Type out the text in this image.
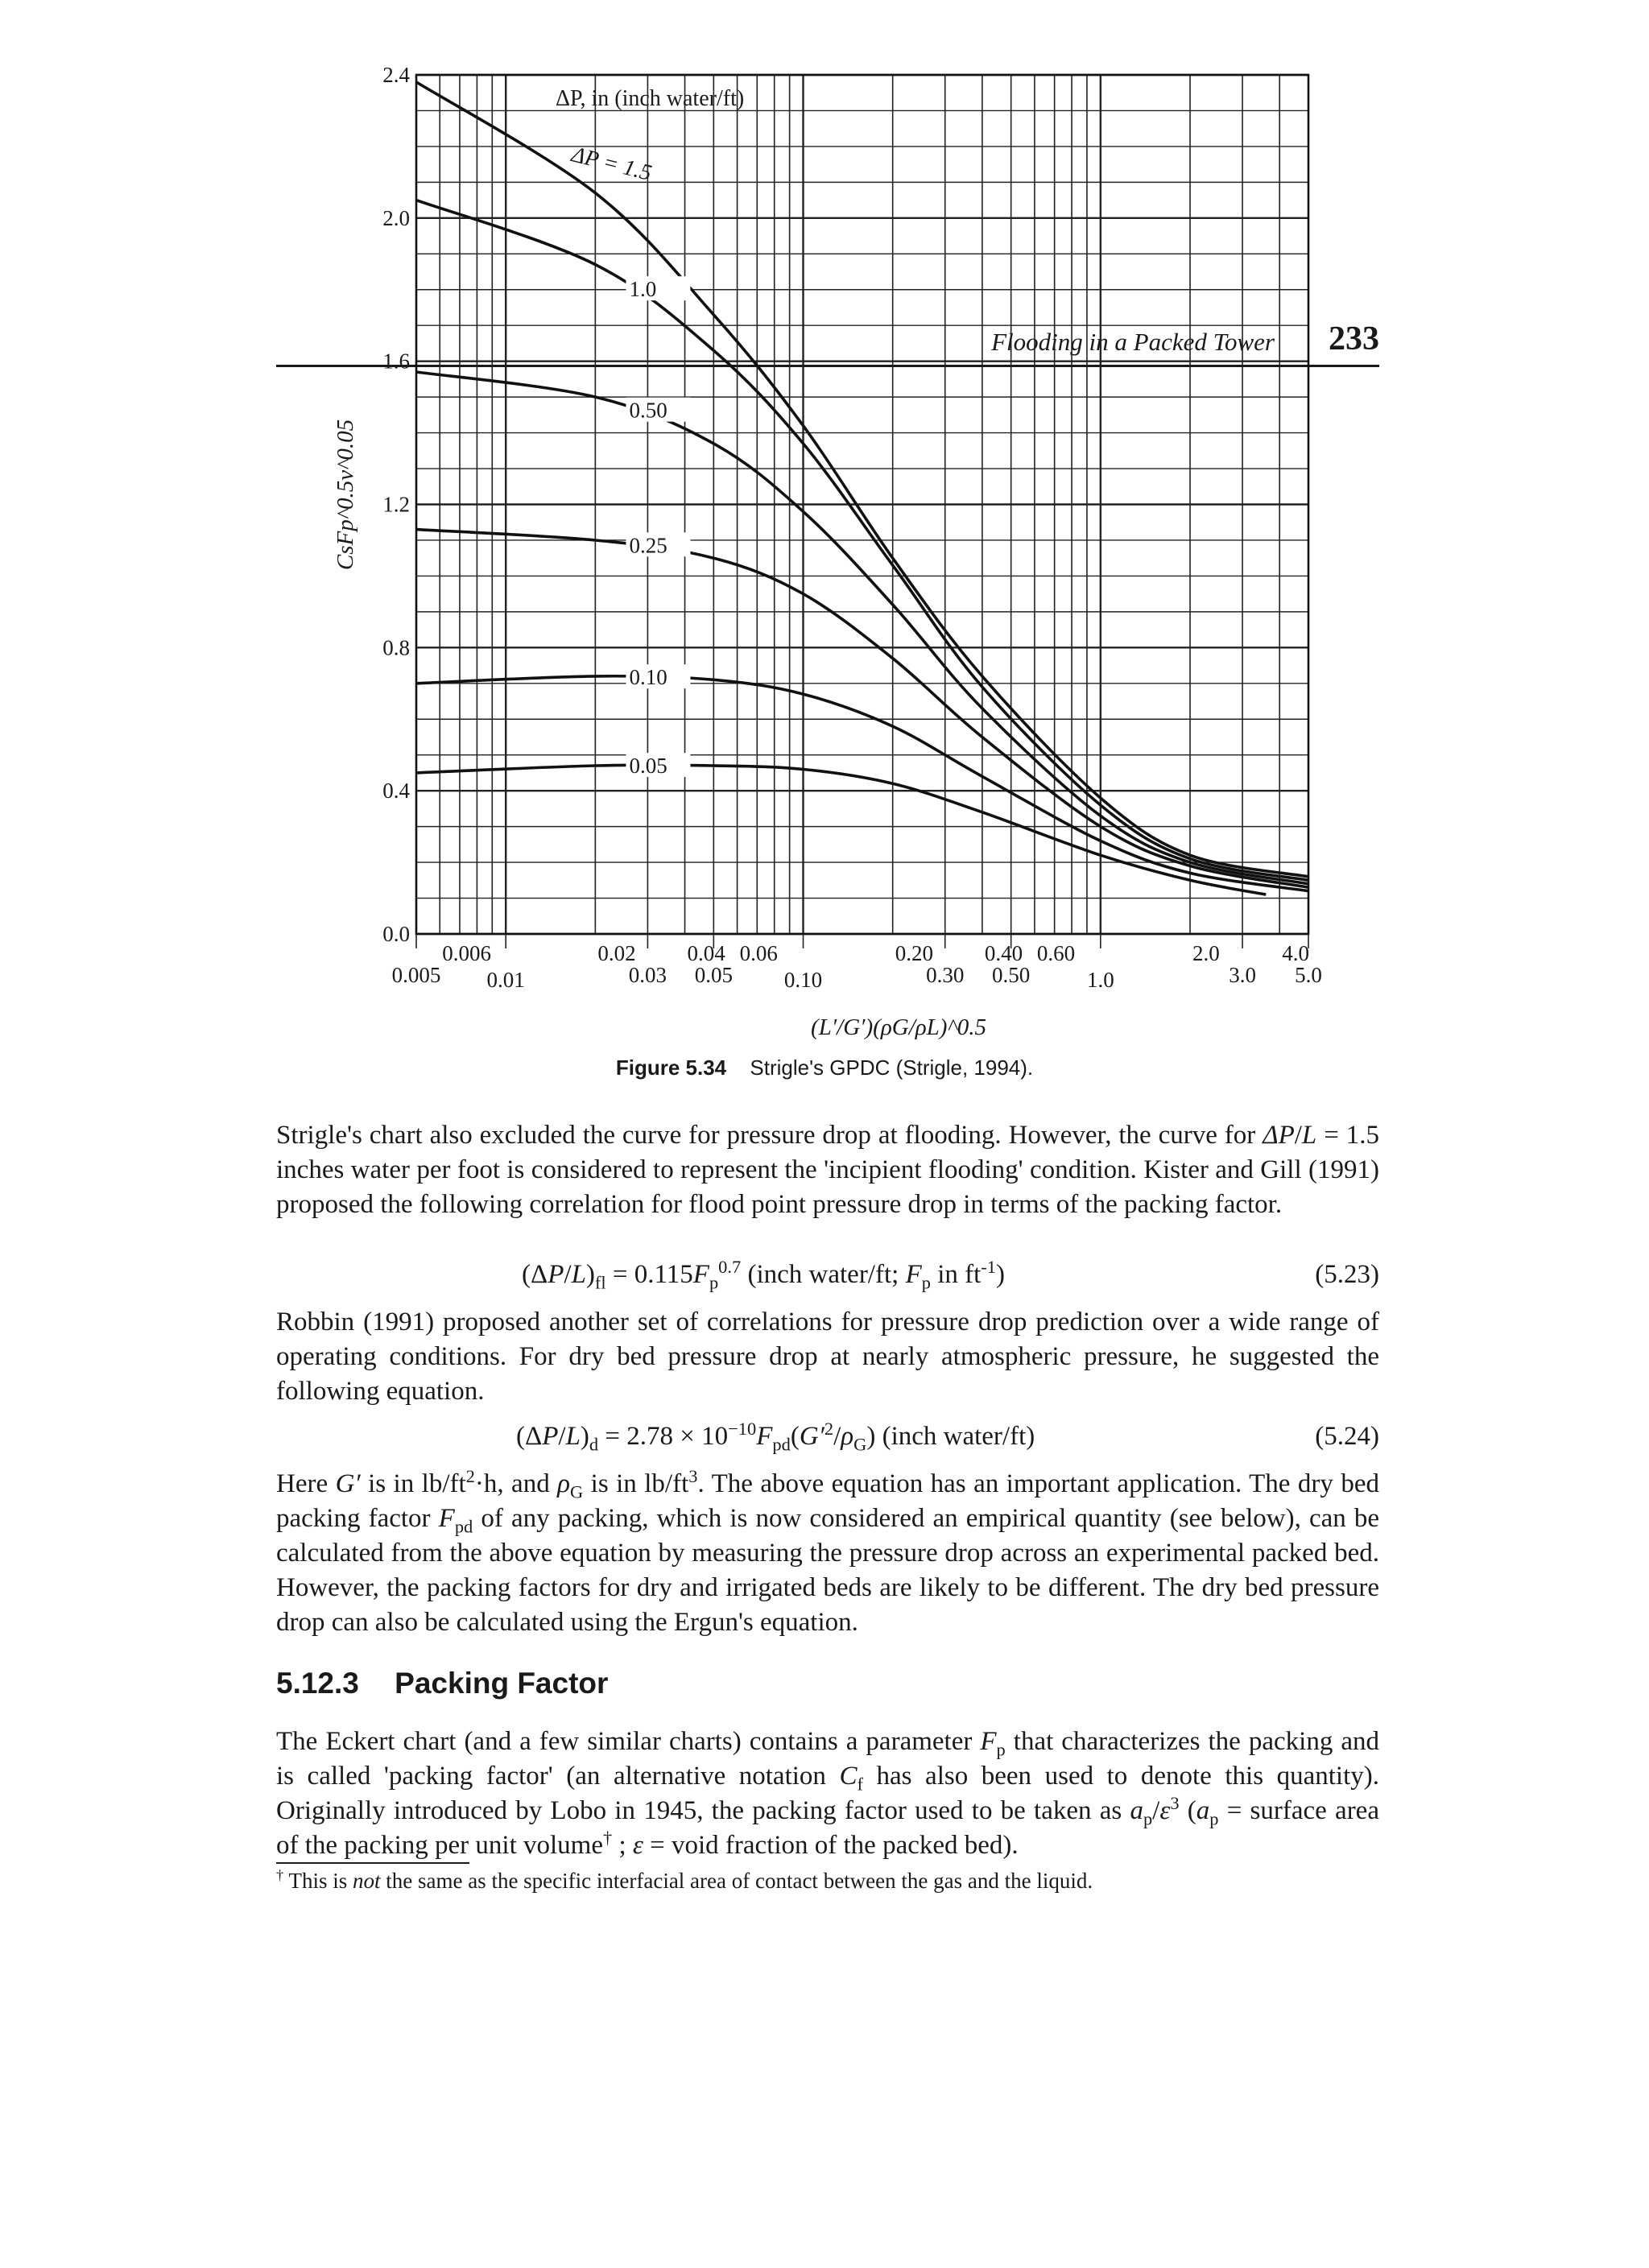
Flooding in a Packed Tower 233
0.0
0.4
0.8
1.2
1.6
2.0
2.4
0.006	0.02 0.04 0.06	0.20 0.40 0.60	2.0	4.0
0.005 0.01	0.03 0.05 0.10	0.30 0.50	1.0	3.0 5.0
(L′/G′)(ρG/ρL)^0.5
CsFp^0.5ν^0.05
ΔP, in (inch water/ft)
ΔP = 1.5
1.0
0.50
0.25
0.10
0.05
Figure 5.34 Strigle's GPDC (Strigle, 1994).
Strigle's chart also excluded the curve for pressure drop at flooding. However, the curve for ΔP/L = 1.5 inches water per foot is considered to represent the 'incipient flooding' condition. Kister and Gill (1991) proposed the following correlation for flood point pressure drop in terms of the packing factor.
$(\Delta P/L)_{fl} = 0.115F_p^{0.7}$ (inch water/ft; $F_p$ in $ft^{-1}$)	(5.23)
Robbin (1991) proposed another set of correlations for pressure drop prediction over a wide range of operating conditions. For dry bed pressure drop at nearly atmospheric pressure, he suggested the following equation.
$(\Delta P/L)_d = 2.78 \times 10^{-10}F_{pd}(G'^2/\rho_G)$ (inch water/ft)	(5.24)
Here G′ is in $lb/ft^2\cdot h$, and $\rho_G$ is in $lb/ft^3$. The above equation has an important application. The dry bed packing factor $F_{pd}$ of any packing, which is now considered an empirical quantity (see below), can be calculated from the above equation by measuring the pressure drop across an experimental packed bed. However, the packing factors for dry and irrigated beds are likely to be different. The dry bed pressure drop can also be calculated using the Ergun's equation.
5.12.3 Packing Factor
The Eckert chart (and a few similar charts) contains a parameter $F_p$ that characterizes the packing and is called 'packing factor' (an alternative notation $C_f$ has also been used to denote this quantity). Originally introduced by Lobo in 1945, the packing factor used to be taken as $a_p/\varepsilon^3$ ($a_p$ = surface area of the packing per unit volume† ; ε = void fraction of the packed bed).
† This is not the same as the specific interfacial area of contact between the gas and the liquid.
